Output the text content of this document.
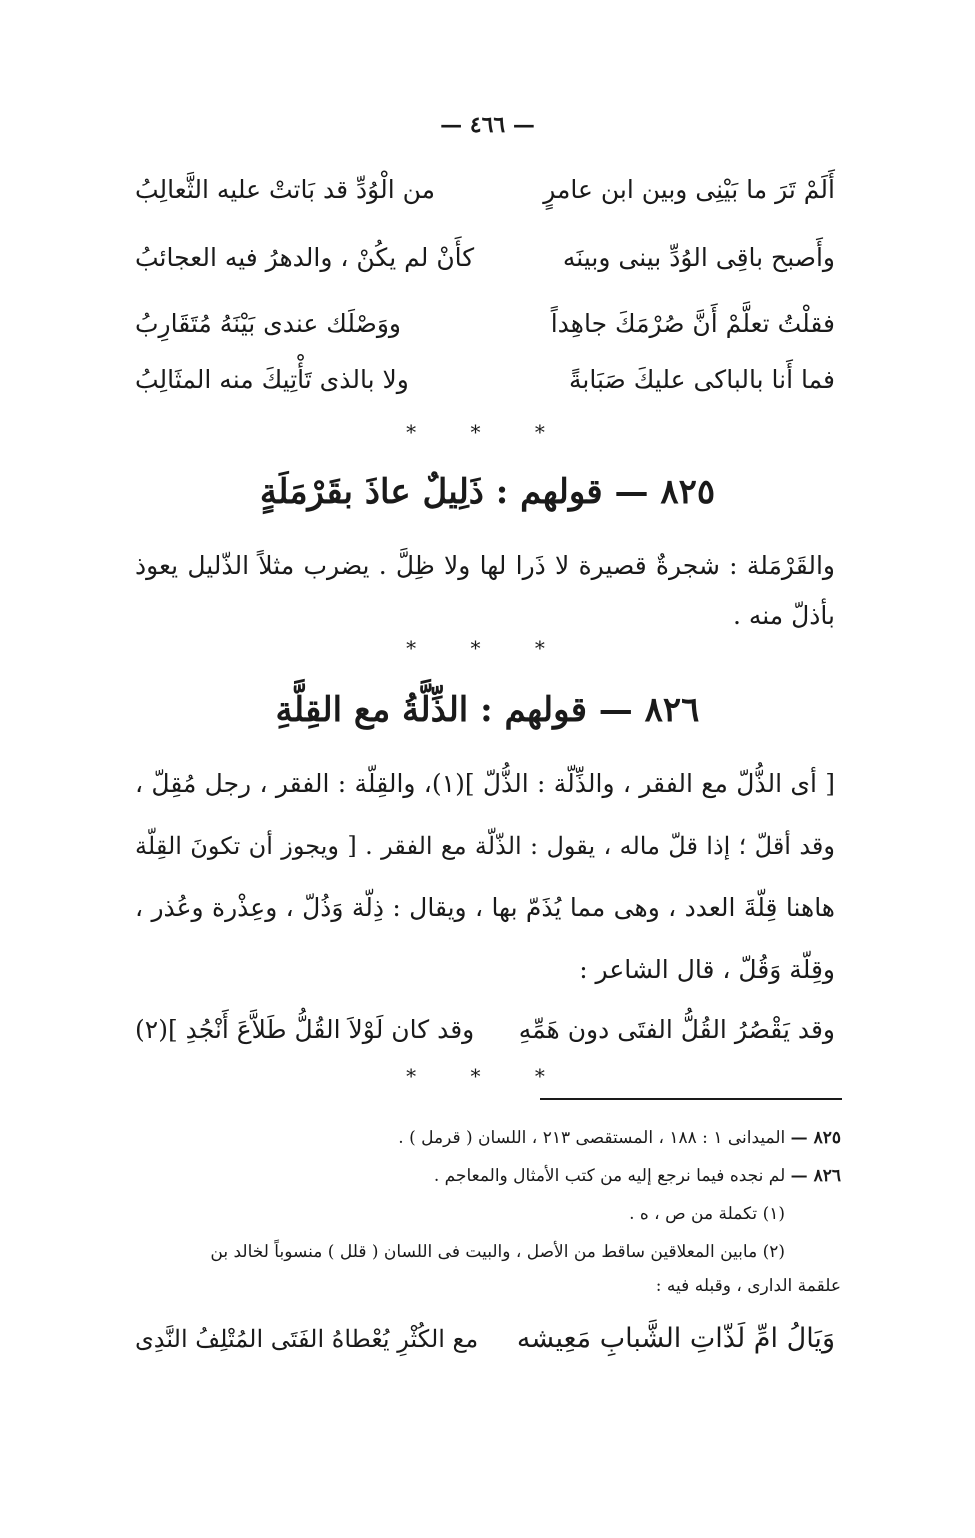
— ٤٦٦ —
أَلَمْ تَرَ ما بَيْنِى وبين ابن عامرٍ
من الْوُدِّ قد بَاتتْ عليه الثَّعالِبُ
وأَصبح باقِى الوُدِّ بينى وبينَه
كأَنْ لم يكُنْ ، والدهرُ فيه العجائبُ
فقلْتُ تعلَّمْ أَنَّ صُرْمَكَ جاهِداً
ووَصْلَك عندى بَيْنَهُ مُتَقَارِبُ
فما أَنا بالباكى عليكَ صَبَابةً
ولا بالذى تَأْتِيكَ منه المثَالِبُ
* * *
٨٢٥ — قولهم : ذَلِيلٌ عاذَ بقَرْمَلَةٍ
والقَرْمَلة : شجرةٌ قصيرة لا ذَرا لها ولا ظِلَّ . يضرب مثلاً الذّليل يعوذ
بأذلّ منه .
* * *
٨٢٦ — قولهم : الذِّلَّةُ مع القِلَّةِ
[ أى الذُّلّ مع الفقر ، والذِّلّة : الذُّلّ ](١)، والقِلّة : الفقر ، رجل مُقِلّ ،
وقد أقلّ ؛ إذا قلّ ماله ، يقول : الذّلّة مع الفقر . [ ويجوز أن تكونَ القِلّة
هاهنا قِلّةَ العدد ، وهى مما يُذَمّ بها ، ويقال : ذِلّة وَذُلّ ، وعِذْرة وعُذر ،
وقِلّة وَقُلّ ، قال الشاعر :
وقد يَقْصُرُ القُلُّ الفتَى دون هَمِّهِ
وقد كان لَوْلاَ القُلُّ طَلاَّعَ أَنْجُدِ ](٢)
* * *
٨٢٥ — الميدانى ١ : ١٨٨ ، المستقصى ٢١٣ ، اللسان ( قرمل ) .
٨٢٦ — لم نجده فيما نرجع إليه من كتب الأمثال والمعاجم .
(١) تكملة من ص ، ه .
(٢) مابين المعلاقين ساقط من الأصل ، والبيت فى اللسان ( قلل ) منسوباً لخالد بن
علقمة الدارى ، وقبله فيه :
وَيَالُ امِّ لَذّاتِ الشَّبابِ مَعِيشه
مع الكُثْرِ يُعْطاهُ الفَتَى المُتْلِفُ النَّدِى
